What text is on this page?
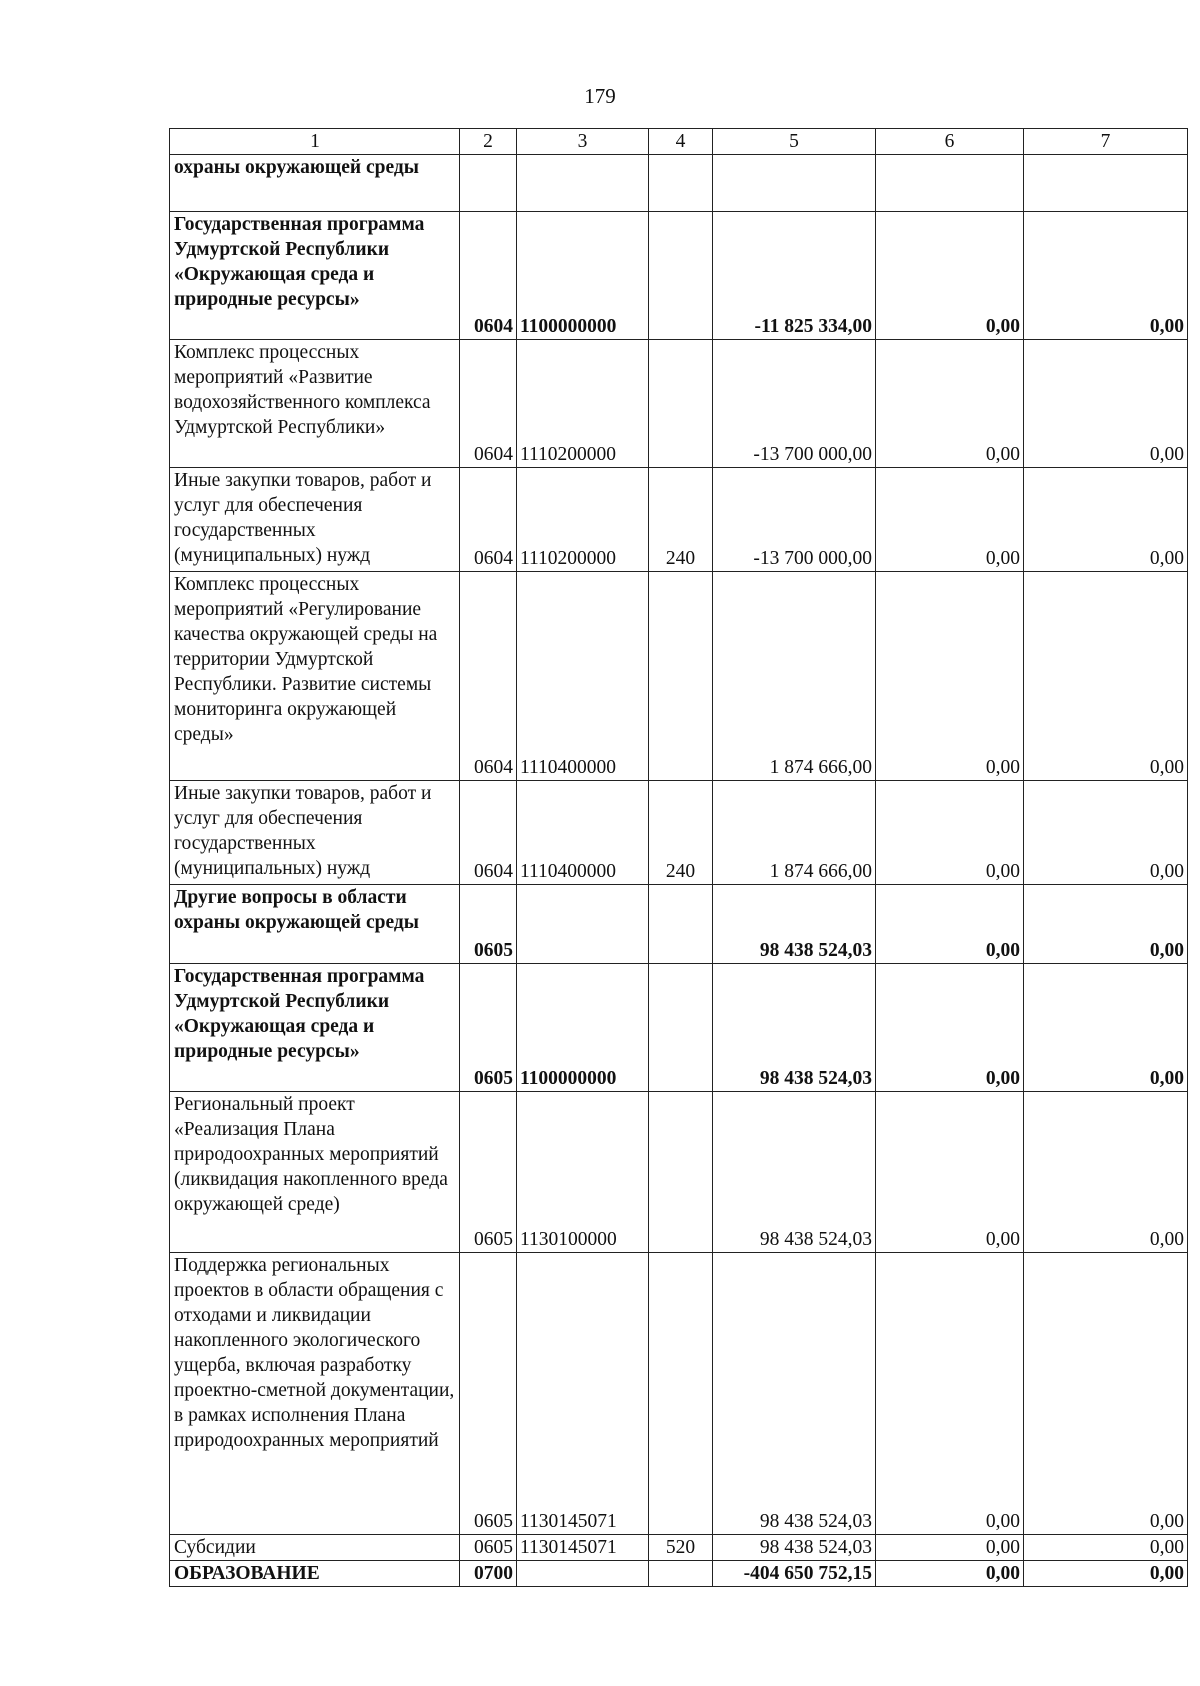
179
1	2	3	4	5	6	7
охраны окружающей среды						
Государственная программа Удмуртской Республики «Окружающая среда и природные ресурсы»	0604	1100000000		-11 825 334,00	0,00	0,00
Комплекс процессных мероприятий «Развитие водохозяйственного комплекса Удмуртской Республики»	0604	1110200000		-13 700 000,00	0,00	0,00
Иные закупки товаров, работ и услуг для обеспечения государственных (муниципальных) нужд	0604	1110200000	240	-13 700 000,00	0,00	0,00
Комплекс процессных мероприятий «Регулирование качества окружающей среды на территории Удмуртской Республики. Развитие системы мониторинга окружающей среды»	0604	1110400000		1 874 666,00	0,00	0,00
Иные закупки товаров, работ и услуг для обеспечения государственных (муниципальных) нужд	0604	1110400000	240	1 874 666,00	0,00	0,00
Другие вопросы в области охраны окружающей среды	0605			98 438 524,03	0,00	0,00
Государственная программа Удмуртской Республики «Окружающая среда и природные ресурсы»	0605	1100000000		98 438 524,03	0,00	0,00
Региональный проект «Реализация Плана природоохранных мероприятий (ликвидация накопленного вреда окружающей среде)	0605	1130100000		98 438 524,03	0,00	0,00
Поддержка региональных проектов в области обращения с отходами и ликвидации накопленного экологического ущерба, включая разработку проектно-сметной документации, в рамках исполнения Плана природоохранных мероприятий	0605	1130145071		98 438 524,03	0,00	0,00
Субсидии	0605	1130145071	520	98 438 524,03	0,00	0,00
ОБРАЗОВАНИЕ	0700			-404 650 752,15	0,00	0,00
